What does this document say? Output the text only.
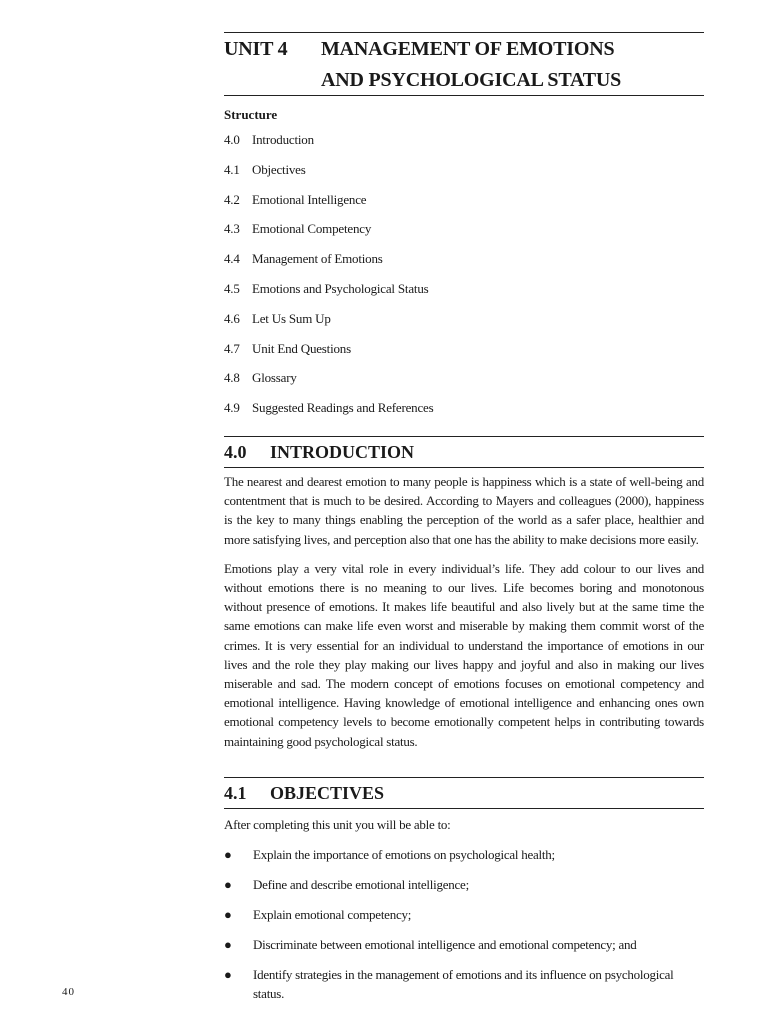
UNIT 4	MANAGEMENT OF EMOTIONS
AND PSYCHOLOGICAL STATUS
Structure
4.0 Introduction
4.1 Objectives
4.2 Emotional Intelligence
4.3 Emotional Competency
4.4 Management of Emotions
4.5 Emotions and Psychological Status
4.6 Let Us Sum Up
4.7 Unit End Questions
4.8 Glossary
4.9 Suggested Readings and References
4.0	INTRODUCTION

The nearest and dearest emotion to many people is happiness which is a state of well-being and contentment that is much to be desired. According to Mayers and colleagues (2000), happiness is the key to many things enabling the perception of the world as a safer place, healthier and more satisfying lives, and perception also that one has the ability to make decisions more easily.

Emotions play a very vital role in every individual’s life. They add colour to our lives and without emotions there is no meaning to our lives. Life becomes boring and monotonous without presence of emotions. It makes life beautiful and also lively but at the same time the same emotions can make life even worst and miserable by making them commit worst of the crimes. It is very essential for an individual to understand the importance of emotions in our lives and the role they play making our lives happy and joyful and also in making our lives miserable and sad. The modern concept of emotions focuses on emotional competency and emotional intelligence. Having knowledge of emotional intelligence and enhancing ones own emotional competency levels to become emotionally competent helps in contributing towards maintaining good psychological status.

4.1	OBJECTIVES

After completing this unit you will be able to:

●	Explain the importance of emotions on psychological health;
●	Define and describe emotional intelligence;
●	Explain emotional competency;
●	Discriminate between emotional intelligence and emotional competency; and
●	Identify strategies in the management of emotions and its influence on psychological status.
40
